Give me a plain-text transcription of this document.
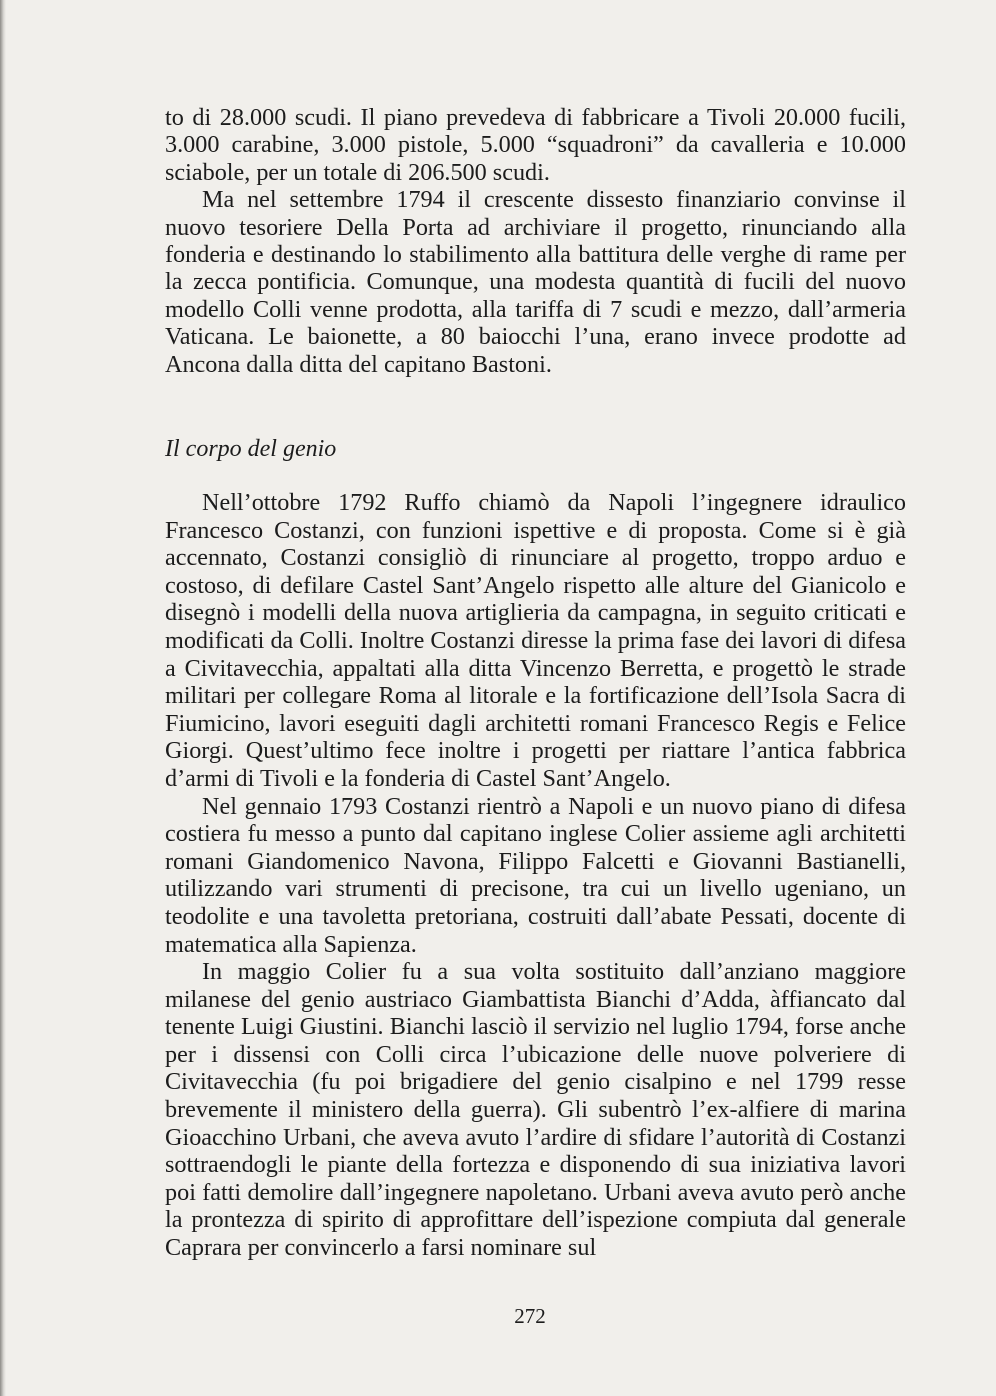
to di 28.000 scudi. Il piano prevedeva di fabbricare a Tivoli 20.000 fucili, 3.000 carabine, 3.000 pistole, 5.000 “squadroni” da cavalleria e 10.000 sciabole, per un totale di 206.500 scudi.

Ma nel settembre 1794 il crescente dissesto finanziario convinse il nuovo tesoriere Della Porta ad archiviare il progetto, rinunciando alla fonderia e destinando lo stabilimento alla battitura delle verghe di rame per la zecca pontificia. Comunque, una modesta quantità di fucili del nuovo modello Colli venne prodotta, alla tariffa di 7 scudi e mezzo, dall’armeria Vaticana. Le baionette, a 80 baiocchi l’una, erano invece prodotte ad Ancona dalla ditta del capitano Bastoni.

Il corpo del genio

Nell’ottobre 1792 Ruffo chiamò da Napoli l’ingegnere idraulico Francesco Costanzi, con funzioni ispettive e di proposta. Come si è già accennato, Costanzi consigliò di rinunciare al progetto, troppo arduo e costoso, di defilare Castel Sant’Angelo rispetto alle alture del Gianicolo e disegnò i modelli della nuova artiglieria da campagna, in seguito criticati e modificati da Colli. Inoltre Costanzi diresse la prima fase dei lavori di difesa a Civitavecchia, appaltati alla ditta Vincenzo Berretta, e progettò le strade militari per collegare Roma al litorale e la fortificazione dell’Isola Sacra di Fiumicino, lavori eseguiti dagli architetti romani Francesco Regis e Felice Giorgi. Quest’ultimo fece inoltre i progetti per riattare l’antica fabbrica d’armi di Tivoli e la fonderia di Castel Sant’Angelo.

Nel gennaio 1793 Costanzi rientrò a Napoli e un nuovo piano di difesa costiera fu messo a punto dal capitano inglese Colier assieme agli architetti romani Giandomenico Navona, Filippo Falcetti e Giovanni Bastianelli, utilizzando vari strumenti di precisone, tra cui un livello ugeniano, un teodolite e una tavoletta pretoriana, costruiti dall’abate Pessati, docente di matematica alla Sapienza.

In maggio Colier fu a sua volta sostituito dall’anziano maggiore milanese del genio austriaco Giambattista Bianchi d’Adda, àffiancato dal tenente Luigi Giustini. Bianchi lasciò il servizio nel luglio 1794, forse anche per i dissensi con Colli circa l’ubicazione delle nuove polveriere di Civitavecchia (fu poi brigadiere del genio cisalpino e nel 1799 resse brevemente il ministero della guerra). Gli subentrò l’ex-alfiere di marina Gioacchino Urbani, che aveva avuto l’ardire di sfidare l’autorità di Costanzi sottraendogli le piante della fortezza e disponendo di sua iniziativa lavori poi fatti demolire dall’ingegnere napoletano. Urbani aveva avuto però anche la prontezza di spirito di approfittare dell’ispezione compiuta dal generale Caprara per convincerlo a farsi nominare sul

272
